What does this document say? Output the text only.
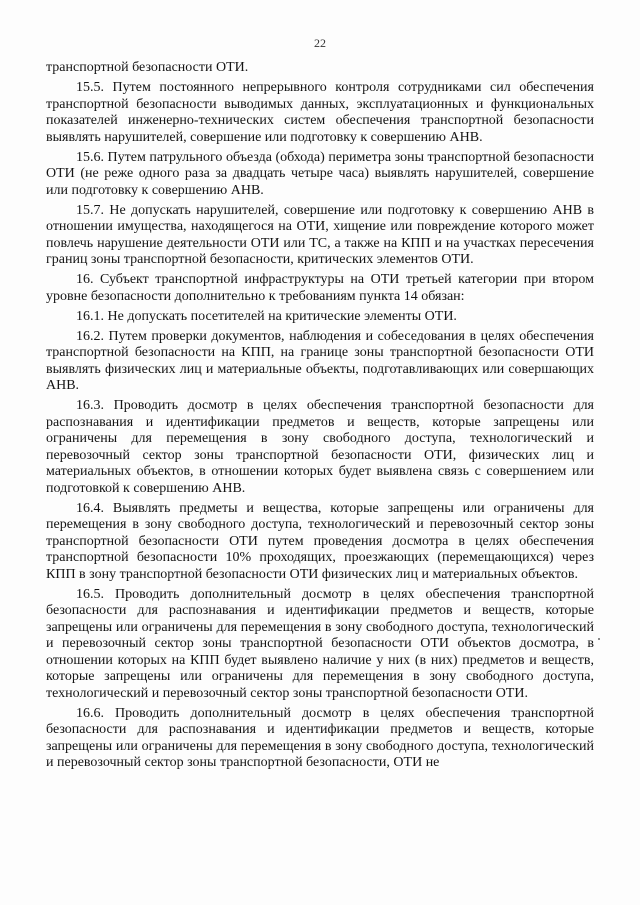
22

транспортной безопасности ОТИ.

15.5. Путем постоянного непрерывного контроля сотрудниками сил обеспечения транспортной безопасности выводимых данных, эксплуатационных и функциональных показателей инженерно-технических систем обеспечения транспортной безопасности выявлять нарушителей, совершение или подготовку к совершению АНВ.

15.6. Путем патрульного объезда (обхода) периметра зоны транспортной безопасности ОТИ (не реже одного раза за двадцать четыре часа) выявлять нарушителей, совершение или подготовку к совершению АНВ.

15.7. Не допускать нарушителей, совершение или подготовку к совершению АНВ в отношении имущества, находящегося на ОТИ, хищение или повреждение которого может повлечь нарушение деятельности ОТИ или ТС, а также на КПП и на участках пересечения границ зоны транспортной безопасности, критических элементов ОТИ.

16. Субъект транспортной инфраструктуры на ОТИ третьей категории при втором уровне безопасности дополнительно к требованиям пункта 14 обязан:

16.1. Не допускать посетителей на критические элементы ОТИ.

16.2. Путем проверки документов, наблюдения и собеседования в целях обеспечения транспортной безопасности на КПП, на границе зоны транспортной безопасности ОТИ выявлять физических лиц и материальные объекты, подготавливающих или совершающих АНВ.

16.3. Проводить досмотр в целях обеспечения транспортной безопасности для распознавания и идентификации предметов и веществ, которые запрещены или ограничены для перемещения в зону свободного доступа, технологический и перевозочный сектор зоны транспортной безопасности ОТИ, физических лиц и материальных объектов, в отношении которых будет выявлена связь с совершением или подготовкой к совершению АНВ.

16.4. Выявлять предметы и вещества, которые запрещены или ограничены для перемещения в зону свободного доступа, технологический и перевозочный сектор зоны транспортной безопасности ОТИ путем проведения досмотра в целях обеспечения транспортной безопасности 10% проходящих, проезжающих (перемещающихся) через КПП в зону транспортной безопасности ОТИ физических лиц и материальных объектов.

16.5. Проводить дополнительный досмотр в целях обеспечения транспортной безопасности для распознавания и идентификации предметов и веществ, которые запрещены или ограничены для перемещения в зону свободного доступа, технологический и перевозочный сектор зоны транспортной безопасности ОТИ объектов досмотра, в отношении которых на КПП будет выявлено наличие у них (в них) предметов и веществ, которые запрещены или ограничены для перемещения в зону свободного доступа, технологический и перевозочный сектор зоны транспортной безопасности ОТИ.

16.6. Проводить дополнительный досмотр в целях обеспечения транспортной безопасности для распознавания и идентификации предметов и веществ, которые запрещены или ограничены для перемещения в зону свободного доступа, технологический и перевозочный сектор зоны транспортной безопасности, ОТИ не
